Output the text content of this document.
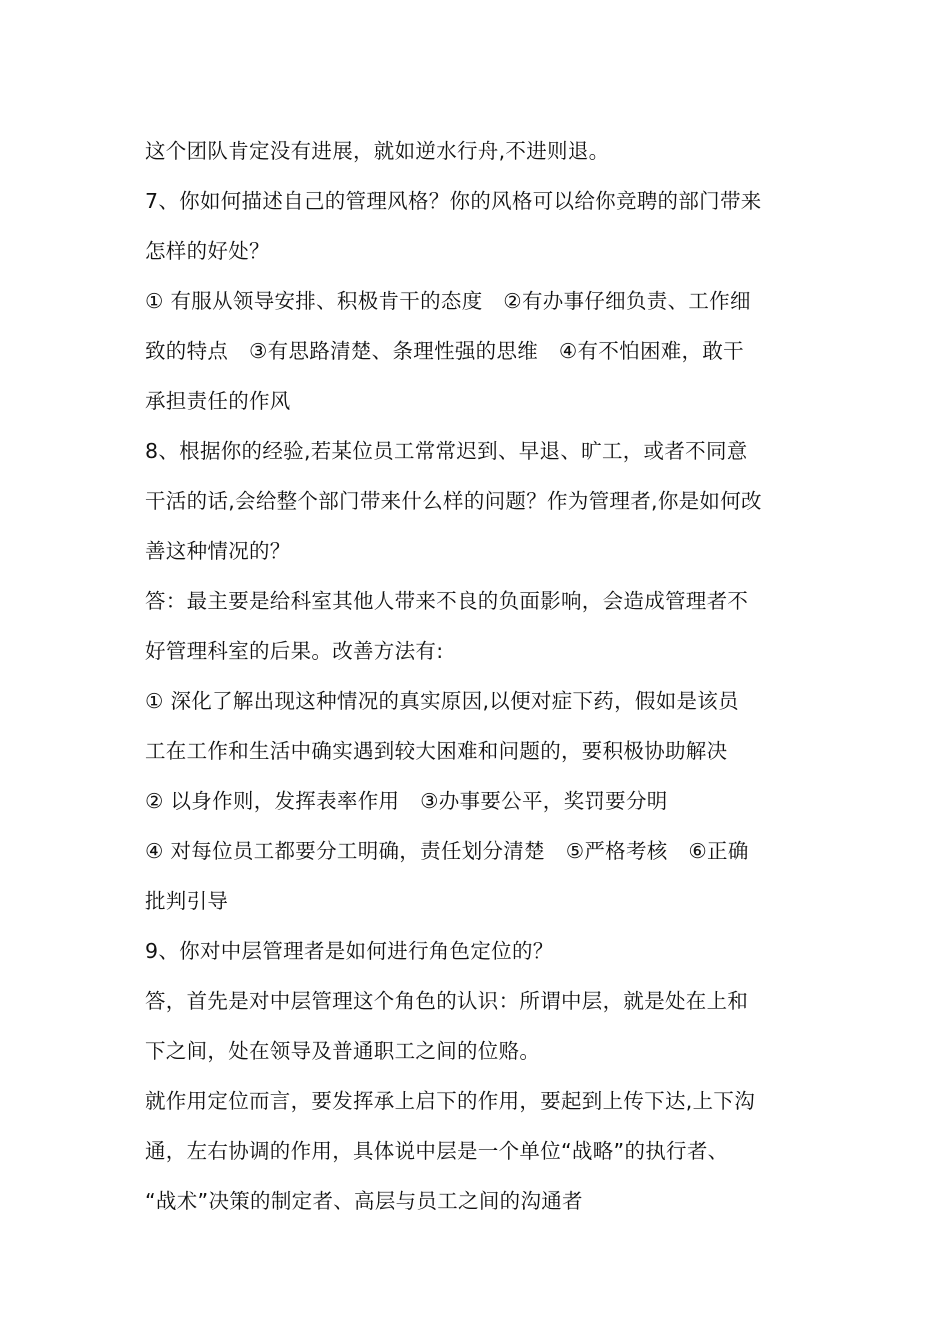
这个团队肯定没有进展，就如逆水行舟,不进则退。
7、你如何描述自己的管理风格？你的风格可以给你竞聘的部门带来
怎样的好处？
① 有服从领导安排、积极肯干的态度　②有办事仔细负责、工作细
致的特点　③有思路清楚、条理性强的思维　④有不怕困难，敢干
承担责任的作风
8、根据你的经验,若某位员工常常迟到、早退、旷工，或者不同意
干活的话,会给整个部门带来什么样的问题？作为管理者,你是如何改
善这种情况的？
答：最主要是给科室其他人带来不良的负面影响，会造成管理者不
好管理科室的后果。改善方法有:
① 深化了解出现这种情况的真实原因,以便对症下药，假如是该员
工在工作和生活中确实遇到较大困难和问题的，要积极协助解决
② 以身作则，发挥表率作用　③办事要公平，奖罚要分明
④ 对每位员工都要分工明确，责任划分清楚　⑤严格考核　⑥正确
批判引导
9、你对中层管理者是如何进行角色定位的？
答，首先是对中层管理这个角色的认识：所谓中层，就是处在上和
下之间，处在领导及普通职工之间的位赂。
就作用定位而言，要发挥承上启下的作用，要起到上传下达,上下沟
通，左右协调的作用，具体说中层是一个单位“战略”的执行者、
“战术”决策的制定者、高层与员工之间的沟通者
